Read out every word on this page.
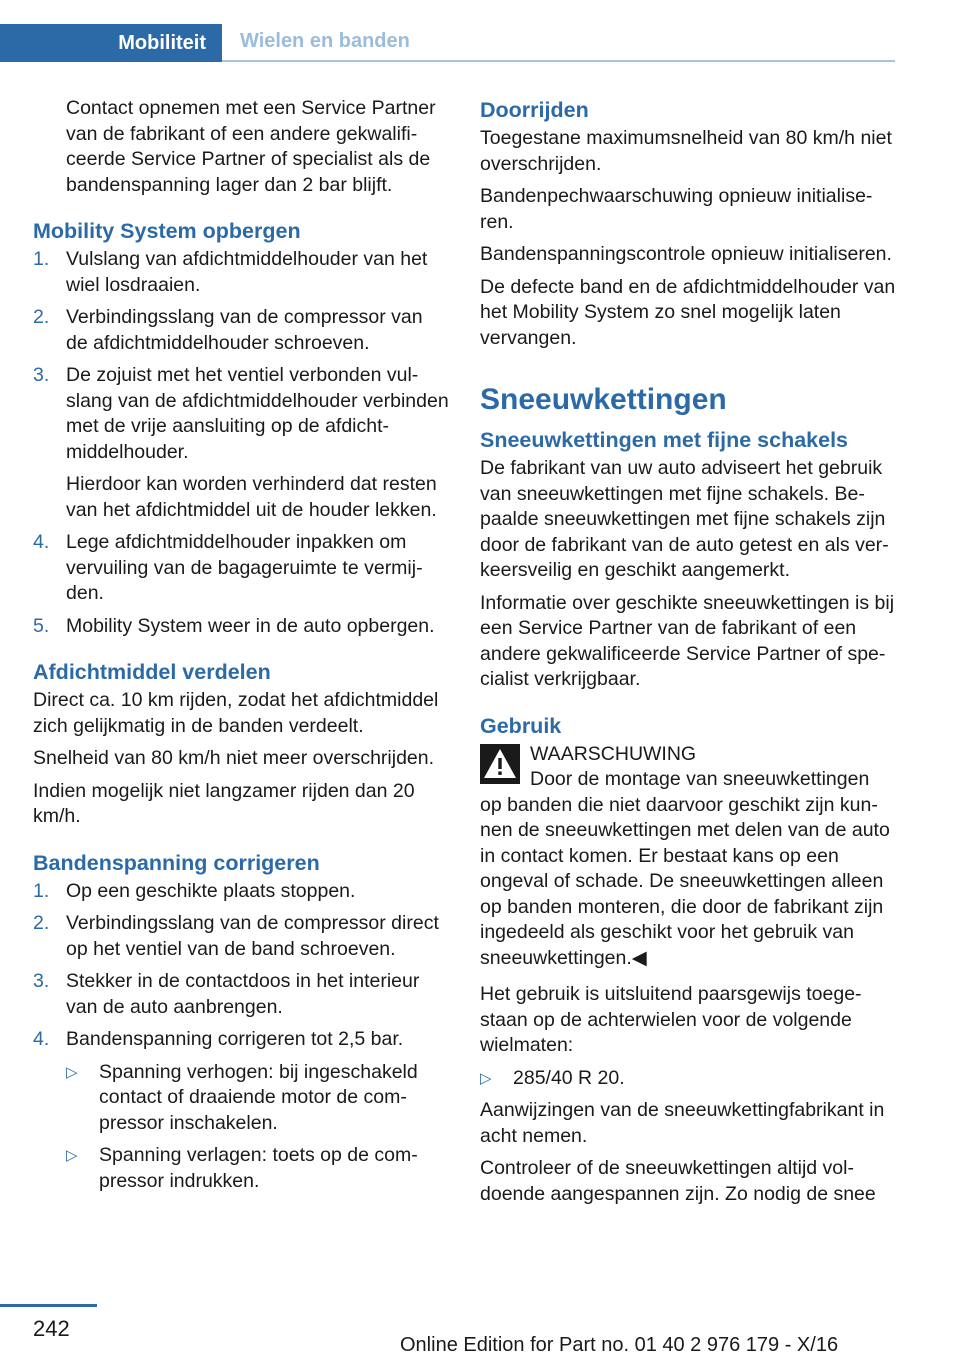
Mobiliteit Wielen en banden

Contact opnemen met een Service Partner van de fabrikant of een andere gekwalificeerde Service Partner of specialist als de bandenspanning lager dan 2 bar blijft.

Mobility System opbergen
1. Vulslang van afdichtmiddelhouder van het wiel losdraaien.
2. Verbindingsslang van de compressor van de afdichtmiddelhouder schroeven.
3. De zojuist met het ventiel verbonden vulslang van de afdichtmiddelhouder verbinden met de vrije aansluiting op de afdichtmiddelhouder.

Hierdoor kan worden verhinderd dat resten van het afdichtmiddel uit de houder lekken.

4. Lege afdichtmiddelhouder inpakken om vervuiling van de bagageruimte te vermijden.
5. Mobility System weer in de auto opbergen.
Afdichtmiddel verdelen

Direct ca. 10 km rijden, zodat het afdichtmiddel zich gelijkmatig in de banden verdeelt.

Snelheid van 80 km/h niet meer overschrijden.

Indien mogelijk niet langzamer rijden dan 20 km/h.

Bandenspanning corrigeren
1. Op een geschikte plaats stoppen.
2. Verbindingsslang van de compressor direct op het ventiel van de band schroeven.
3. Stekker in de contactdoos in het interieur van de auto aanbrengen.
4. Bandenspanning corrigeren tot 2,5 bar.
▷ Spanning verhogen: bij ingeschakeld contact of draaiende motor de compressor inschakelen.
▷ Spanning verlagen: toets op de compressor indrukken.
Doorrijden

Toegestane maximumsnelheid van 80 km/h niet overschrijden.

Bandenpechwaarschuwing opnieuw initialiseren.

Bandenspanningscontrole opnieuw initialiseren.

De defecte band en de afdichtmiddelhouder van het Mobility System zo snel mogelijk laten vervangen.

Sneeuwkettingen
Sneeuwkettingen met fijne schakels

De fabrikant van uw auto adviseert het gebruik van sneeuwkettingen met fijne schakels. Bepaalde sneeuwkettingen met fijne schakels zijn door de fabrikant van de auto getest en als verkeersveilig en geschikt aangemerkt.

Informatie over geschikte sneeuwkettingen is bij een Service Partner van de fabrikant of een andere gekwalificeerde Service Partner of specialist verkrijgbaar.

Gebruik
WAARSCHUWING

Door de montage van sneeuwkettingen op banden die niet daarvoor geschikt zijn kunnen de sneeuwkettingen met delen van de auto in contact komen. Er bestaat kans op een ongeval of schade. De sneeuwkettingen alleen op banden monteren, die door de fabrikant zijn ingedeeld als geschikt voor het gebruik van sneeuwkettingen.◀

Het gebruik is uitsluitend paarsgewijs toegestaan op de achterwielen voor de volgende wielmaten:

▷ 285/40 R 20.

Aanwijzingen van de sneeuwkettingfabrikant in acht nemen.

Controleer of de sneeuwkettingen altijd voldoende aangespannen zijn. Zo nodig de snee

242
Online Edition for Part no. 01 40 2 976 179 - X/16
